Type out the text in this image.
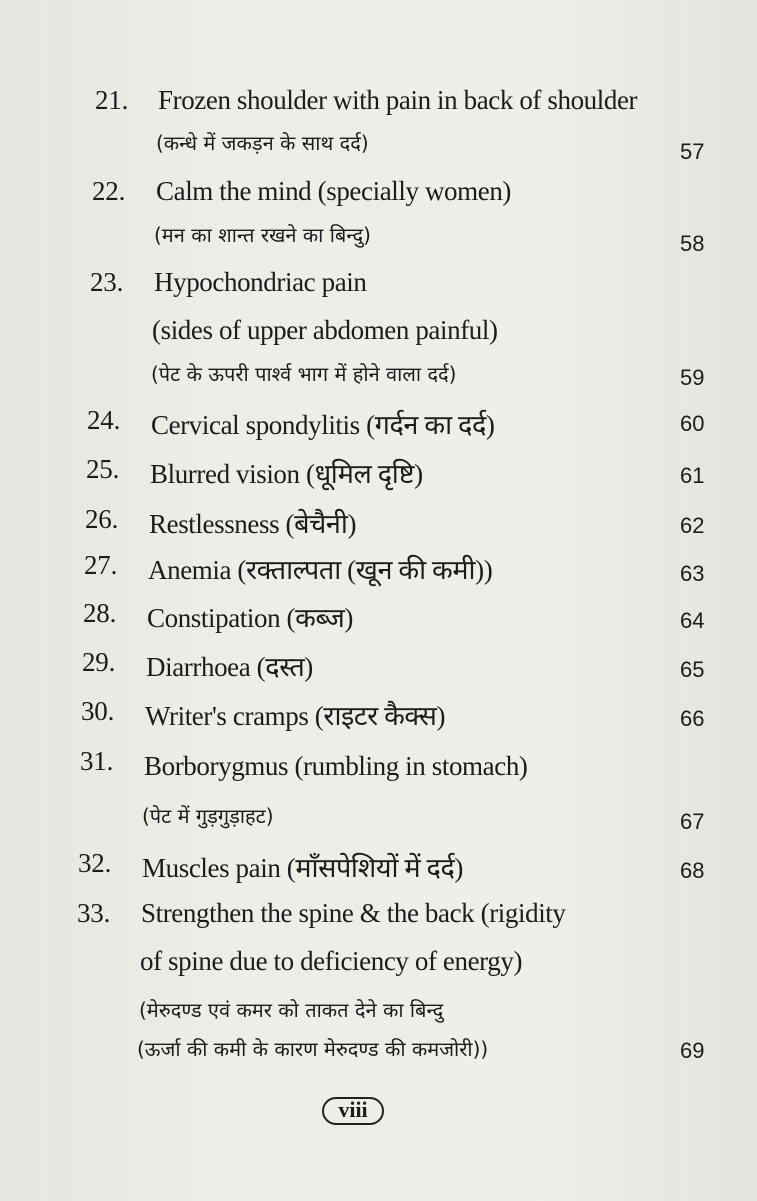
21. Frozen shoulder with pain in back of shoulder
(कन्धे में जकड़न के साथ दर्द)	57
22. Calm the mind (specially women)
(मन का शान्त रखने का बिन्दु)	58
23. Hypochondriac pain
(sides of upper abdomen painful)
(पेट के ऊपरी पार्श्व भाग में होने वाला दर्द)	59
24. Cervical spondylitis (गर्दन का दर्द)	60
25. Blurred vision (धूमिल दृष्टि)	61
26. Restlessness (बेचैनी)	62
27. Anemia (रक्ताल्पता (खून की कमी))	63
28. Constipation (कब्ज)	64
29. Diarrhoea (दस्त)	65
30. Writer's cramps (राइटर कैक्स)	66
31. Borborygmus (rumbling in stomach)
(पेट में गुड़गुड़ाहट)	67
32. Muscles pain (माँसपेशियों में दर्द)	68
33. Strengthen the spine & the back (rigidity
of spine due to deficiency of energy)
(मेरुदण्ड एवं कमर को ताकत देने का बिन्दु
(ऊर्जा की कमी के कारण मेरुदण्ड की कमजोरी))	69
viii
